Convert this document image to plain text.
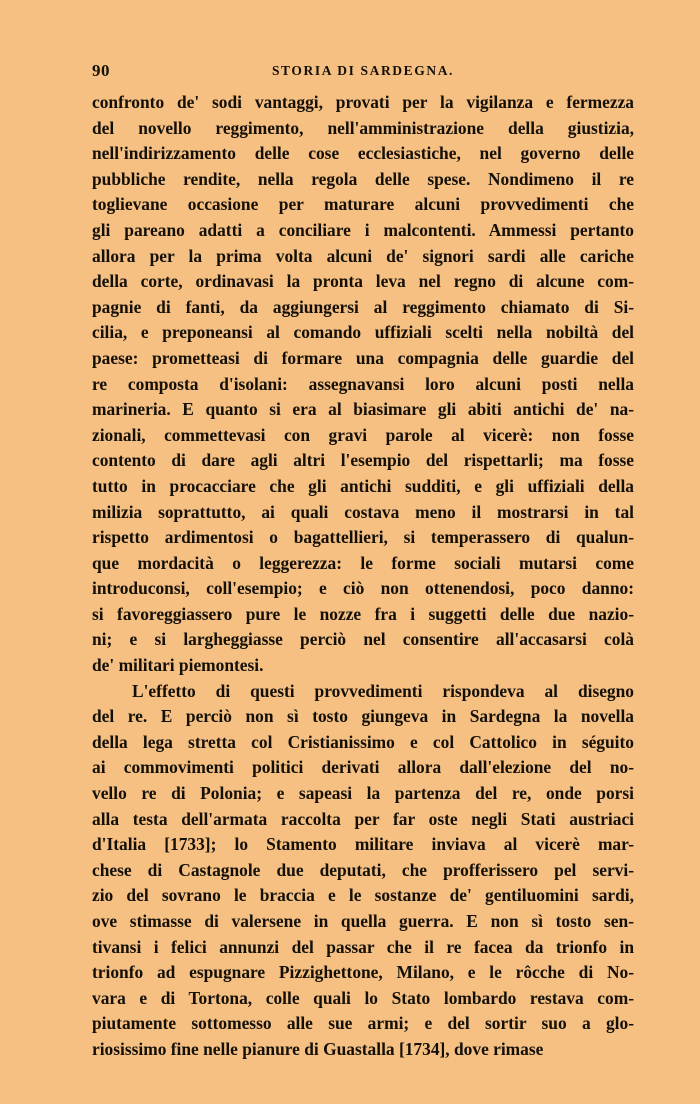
90	STORIA DI SARDEGNA.
confronto de' sodi vantaggi, provati per la vigilanza e fermezza
del novello reggimento, nell'amministrazione della giustizia,
nell'indirizzamento delle cose ecclesiastiche, nel governo delle
pubbliche rendite, nella regola delle spese. Nondimeno il re
toglievane occasione per maturare alcuni provvedimenti che
gli pareano adatti a conciliare i malcontenti. Ammessi pertanto
allora per la prima volta alcuni de' signori sardi alle cariche
della corte, ordinavasi la pronta leva nel regno di alcune com-
pagnie di fanti, da aggiungersi al reggimento chiamato di Si-
cilia, e preponeansi al comando uffiziali scelti nella nobiltà del
paese: prometteasi di formare una compagnia delle guardie del
re composta d'isolani: assegnavansi loro alcuni posti nella
marineria. E quanto si era al biasimare gli abiti antichi de' na-
zionali, commettevasi con gravi parole al vicerè: non fosse
contento di dare agli altri l'esempio del rispettarli; ma fosse
tutto in procacciare che gli antichi sudditi, e gli uffiziali della
milizia soprattutto, ai quali costava meno il mostrarsi in tal
rispetto ardimentosi o bagattellieri, si temperassero di qualun-
que mordacità o leggerezza: le forme sociali mutarsi come
introduconsi, coll'esempio; e ciò non ottenendosi, poco danno:
si favoreggiassero pure le nozze fra i suggetti delle due nazio-
ni; e si largheggiasse perciò nel consentire all'accasarsi colà
de' militari piemontesi.
L'effetto di questi provvedimenti rispondeva al disegno
del re. E perciò non sì tosto giungeva in Sardegna la novella
della lega stretta col Cristianissimo e col Cattolico in séguito
ai commovimenti politici derivati allora dall'elezione del no-
vello re di Polonia; e sapeasi la partenza del re, onde porsi
alla testa dell'armata raccolta per far oste negli Stati austriaci
d'Italia [1733]; lo Stamento militare inviava al vicerè mar-
chese di Castagnole due deputati, che profferissero pel servi-
zio del sovrano le braccia e le sostanze de' gentiluomini sardi,
ove stimasse di valersene in quella guerra. E non sì tosto sen-
tivansi i felici annunzi del passar che il re facea da trionfo in
trionfo ad espugnare Pizzighettone, Milano, e le rôcche di No-
vara e di Tortona, colle quali lo Stato lombardo restava com-
piutamente sottomesso alle sue armi; e del sortir suo a glo-
riosissimo fine nelle pianure di Guastalla [1734], dove rimase
